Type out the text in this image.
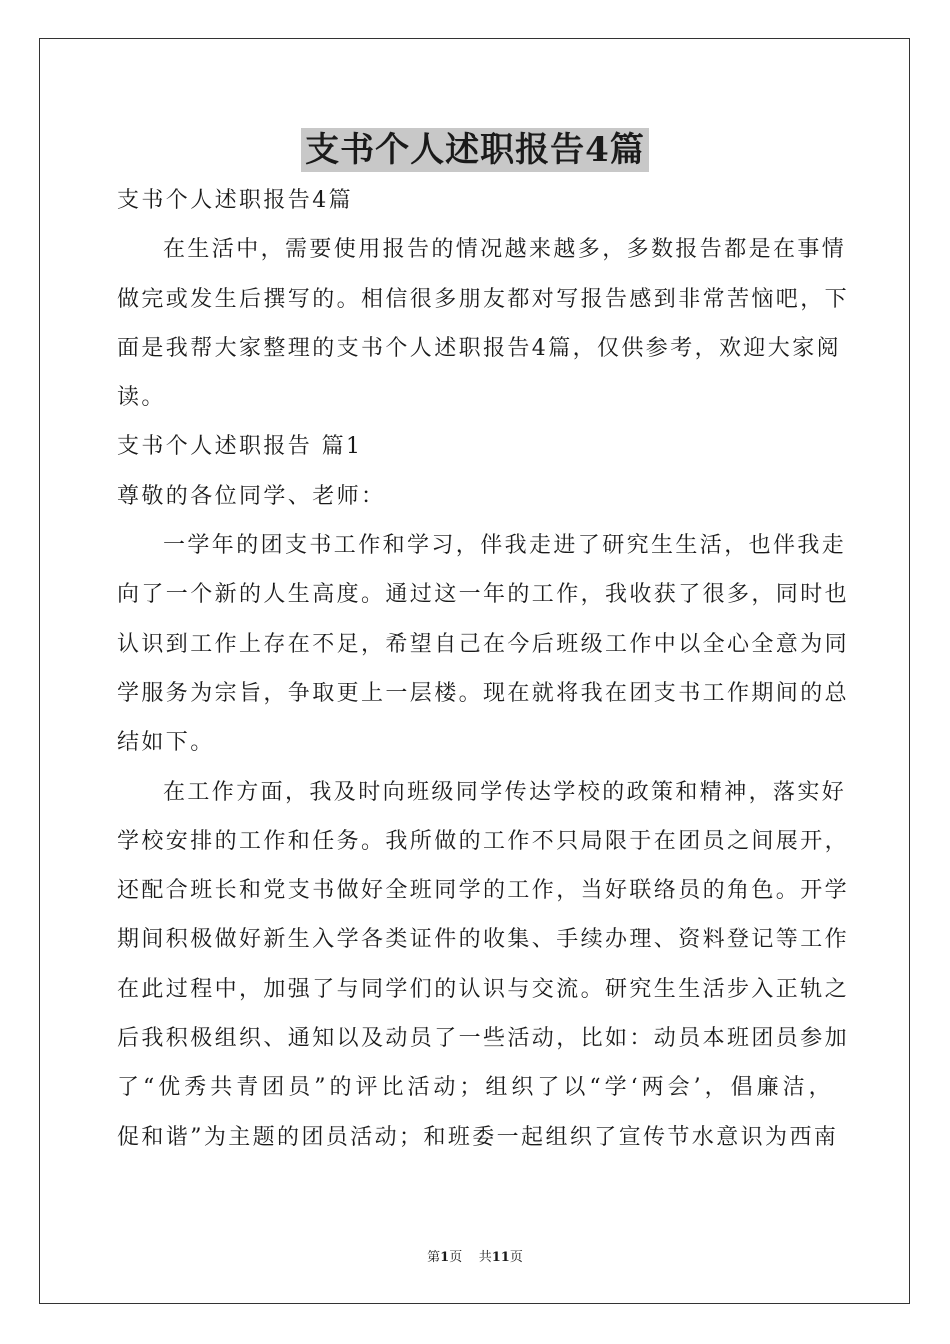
支书个人述职报告4篇
支书个人述职报告4篇
在生活中，需要使用报告的情况越来越多，多数报告都是在事情
做完或发生后撰写的。相信很多朋友都对写报告感到非常苦恼吧，下
面是我帮大家整理的支书个人述职报告4篇，仅供参考，欢迎大家阅
读。
支书个人述职报告 篇1
尊敬的各位同学、老师：
一学年的团支书工作和学习，伴我走进了研究生生活，也伴我走
向了一个新的人生高度。通过这一年的工作，我收获了很多，同时也
认识到工作上存在不足，希望自己在今后班级工作中以全心全意为同
学服务为宗旨，争取更上一层楼。现在就将我在团支书工作期间的总
结如下。
在工作方面，我及时向班级同学传达学校的政策和精神，落实好
学校安排的工作和任务。我所做的工作不只局限于在团员之间展开，
还配合班长和党支书做好全班同学的工作，当好联络员的角色。开学
期间积极做好新生入学各类证件的收集、手续办理、资料登记等工作
在此过程中，加强了与同学们的认识与交流。研究生生活步入正轨之
后我积极组织、通知以及动员了一些活动，比如：动员本班团员参加
了“优秀共青团员”的评比活动；组织了以“学‘两会’，倡廉洁，
促和谐”为主题的团员活动；和班委一起组织了宣传节水意识为西南
第1页 共11页
